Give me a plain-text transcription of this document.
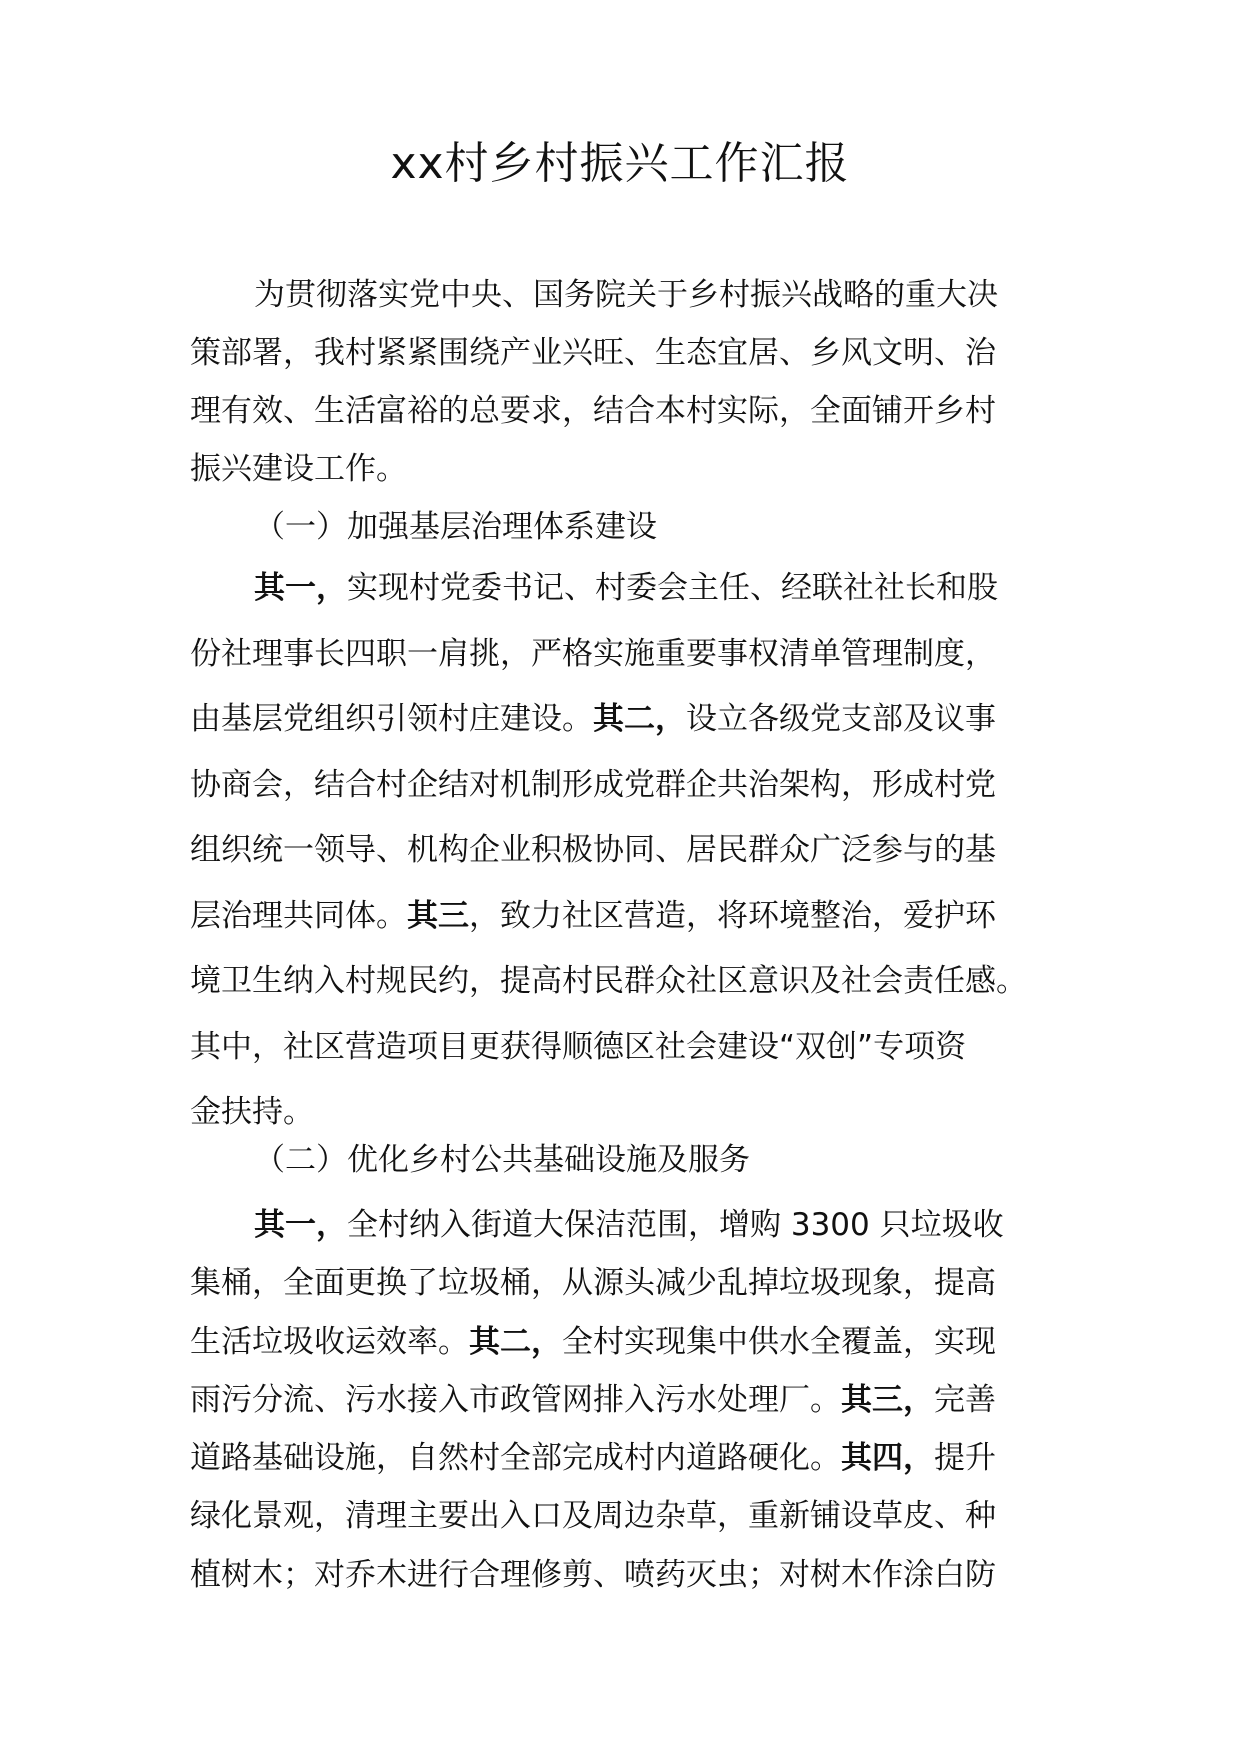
xx村乡村振兴工作汇报
为贯彻落实党中央、国务院关于乡村振兴战略的重大决
策部署，我村紧紧围绕产业兴旺、生态宜居、乡风文明、治
理有效、生活富裕的总要求，结合本村实际，全面铺开乡村
振兴建设工作。
（一）加强基层治理体系建设
其一，实现村党委书记、村委会主任、经联社社长和股
份社理事长四职一肩挑，严格实施重要事权清单管理制度，
由基层党组织引领村庄建设。其二，设立各级党支部及议事
协商会，结合村企结对机制形成党群企共治架构，形成村党
组织统一领导、机构企业积极协同、居民群众广泛参与的基
层治理共同体。其三，致力社区营造，将环境整治，爱护环
境卫生纳入村规民约，提高村民群众社区意识及社会责任感。
其中，社区营造项目更获得顺德区社会建设“双创”专项资
金扶持。
（二）优化乡村公共基础设施及服务
其一，全村纳入街道大保洁范围，增购 3300 只垃圾收
集桶，全面更换了垃圾桶，从源头减少乱掉垃圾现象，提高
生活垃圾收运效率。其二，全村实现集中供水全覆盖，实现
雨污分流、污水接入市政管网排入污水处理厂。其三，完善
道路基础设施，自然村全部完成村内道路硬化。其四，提升
绿化景观，清理主要出入口及周边杂草，重新铺设草皮、种
植树木；对乔木进行合理修剪、喷药灭虫；对树木作涂白防
